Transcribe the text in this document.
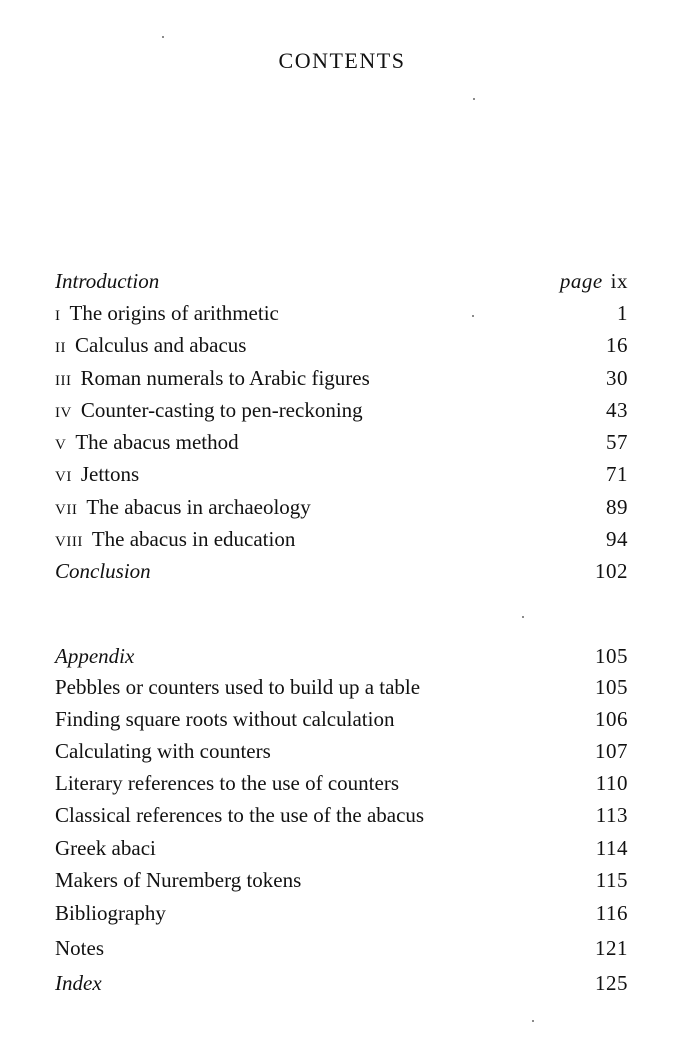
CONTENTS
Introduction	page ix
I The origins of arithmetic	1
II Calculus and abacus	16
III Roman numerals to Arabic figures	30
IV Counter-casting to pen-reckoning	43
V The abacus method	57
VI Jettons	71
VII The abacus in archaeology	89
VIII The abacus in education	94
Conclusion	102
Appendix	105
Pebbles or counters used to build up a table	105
Finding square roots without calculation	106
Calculating with counters	107
Literary references to the use of counters	110
Classical references to the use of the abacus	113
Greek abaci	114
Makers of Nuremberg tokens	115
Bibliography	116
Notes	121
Index	125
